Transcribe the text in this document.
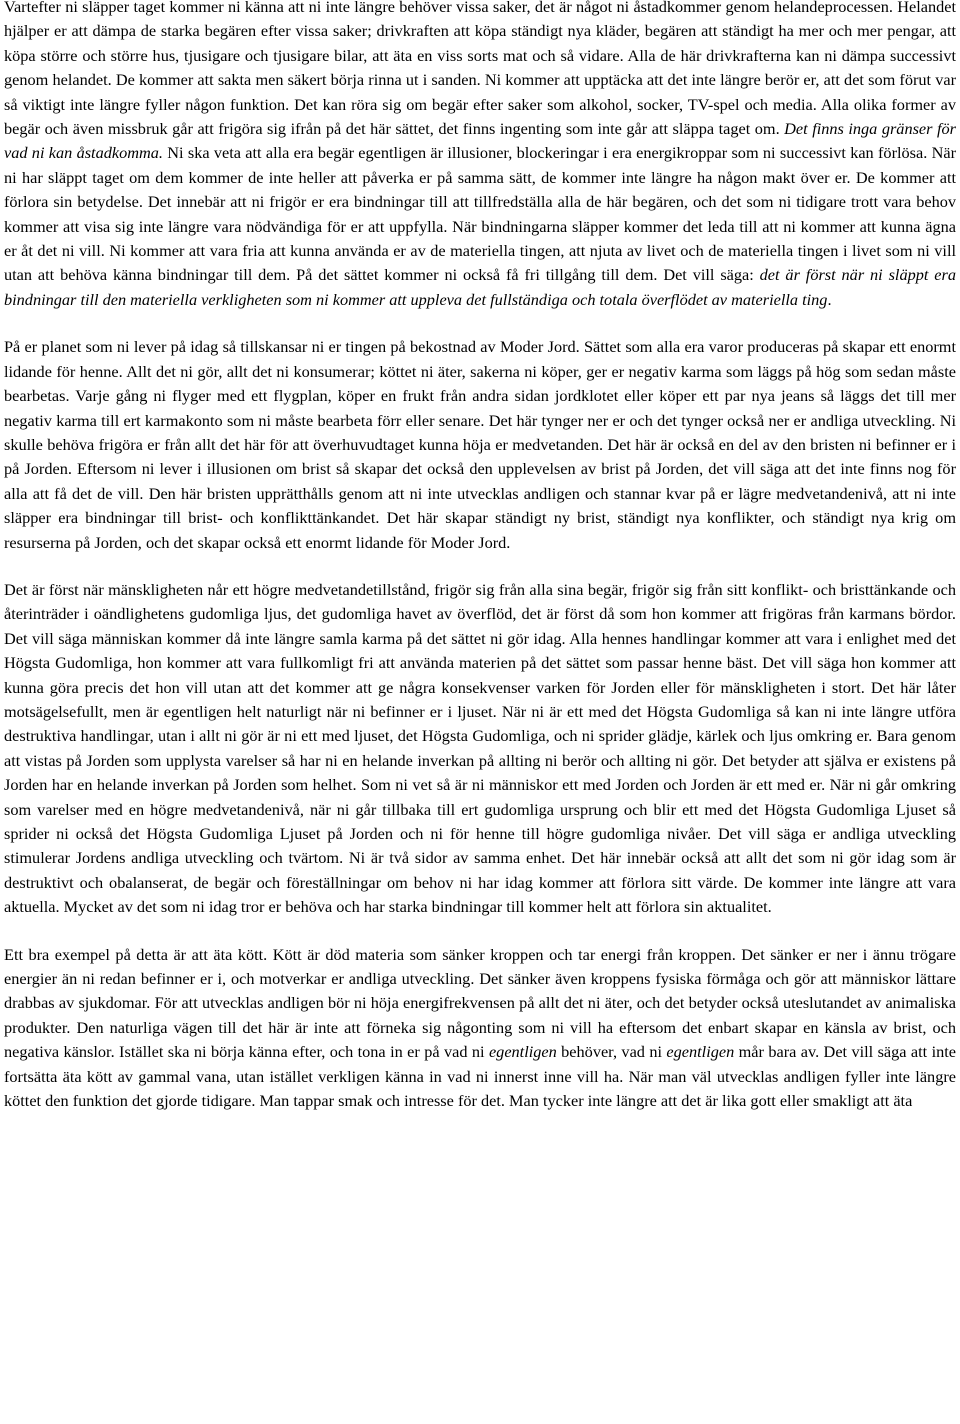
Vartefter ni släpper taget kommer ni känna att ni inte längre behöver vissa saker, det är något ni åstadkommer genom helandeprocessen. Helandet hjälper er att dämpa de starka begären efter vissa saker; drivkraften att köpa ständigt nya kläder, begären att ständigt ha mer och mer pengar, att köpa större och större hus, tjusigare och tjusigare bilar, att äta en viss sorts mat och så vidare. Alla de här drivkrafterna kan ni dämpa successivt genom helandet. De kommer att sakta men säkert börja rinna ut i sanden. Ni kommer att upptäcka att det inte längre berör er, att det som förut var så viktigt inte längre fyller någon funktion. Det kan röra sig om begär efter saker som alkohol, socker, TV-spel och media. Alla olika former av begär och även missbruk går att frigöra sig ifrån på det här sättet, det finns ingenting som inte går att släppa taget om. Det finns inga gränser för vad ni kan åstadkomma. Ni ska veta att alla era begär egentligen är illusioner, blockeringar i era energikroppar som ni successivt kan förlösa. När ni har släppt taget om dem kommer de inte heller att påverka er på samma sätt, de kommer inte längre ha någon makt över er. De kommer att förlora sin betydelse. Det innebär att ni frigör er era bindningar till att tillfredställa alla de här begären, och det som ni tidigare trott vara behov kommer att visa sig inte längre vara nödvändiga för er att uppfylla. När bindningarna släpper kommer det leda till att ni kommer att kunna ägna er åt det ni vill. Ni kommer att vara fria att kunna använda er av de materiella tingen, att njuta av livet och de materiella tingen i livet som ni vill utan att behöva känna bindningar till dem. På det sättet kommer ni också få fri tillgång till dem. Det vill säga: det är först när ni släppt era bindningar till den materiella verkligheten som ni kommer att uppleva det fullständiga och totala överflödet av materiella ting.

På er planet som ni lever på idag så tillskansar ni er tingen på bekostnad av Moder Jord. Sättet som alla era varor produceras på skapar ett enormt lidande för henne. Allt det ni gör, allt det ni konsumerar; köttet ni äter, sakerna ni köper, ger er negativ karma som läggs på hög som sedan måste bearbetas. Varje gång ni flyger med ett flygplan, köper en frukt från andra sidan jordklotet eller köper ett par nya jeans så läggs det till mer negativ karma till ert karmakonto som ni måste bearbeta förr eller senare. Det här tynger ner er och det tynger också ner er andliga utveckling. Ni skulle behöva frigöra er från allt det här för att överhuvudtaget kunna höja er medvetanden. Det här är också en del av den bristen ni befinner er i på Jorden. Eftersom ni lever i illusionen om brist så skapar det också den upplevelsen av brist på Jorden, det vill säga att det inte finns nog för alla att få det de vill. Den här bristen upprätthålls genom att ni inte utvecklas andligen och stannar kvar på er lägre medvetandenivå, att ni inte släpper era bindningar till brist- och konflikttänkandet. Det här skapar ständigt ny brist, ständigt nya konflikter, och ständigt nya krig om resurserna på Jorden, och det skapar också ett enormt lidande för Moder Jord.

Det är först när mänskligheten når ett högre medvetandetillstånd, frigör sig från alla sina begär, frigör sig från sitt konflikt- och bristtänkande och återinträder i oändlighetens gudomliga ljus, det gudomliga havet av överflöd, det är först då som hon kommer att frigöras från karmans bördor. Det vill säga människan kommer då inte längre samla karma på det sättet ni gör idag. Alla hennes handlingar kommer att vara i enlighet med det Högsta Gudomliga, hon kommer att vara fullkomligt fri att använda materien på det sättet som passar henne bäst. Det vill säga hon kommer att kunna göra precis det hon vill utan att det kommer att ge några konsekvenser varken för Jorden eller för mänskligheten i stort. Det här låter motsägelsefullt, men är egentligen helt naturligt när ni befinner er i ljuset. När ni är ett med det Högsta Gudomliga så kan ni inte längre utföra destruktiva handlingar, utan i allt ni gör är ni ett med ljuset, det Högsta Gudomliga, och ni sprider glädje, kärlek och ljus omkring er. Bara genom att vistas på Jorden som upplysta varelser så har ni en helande inverkan på allting ni berör och allting ni gör. Det betyder att själva er existens på Jorden har en helande inverkan på Jorden som helhet. Som ni vet så är ni människor ett med Jorden och Jorden är ett med er. När ni går omkring som varelser med en högre medvetandenivå, när ni går tillbaka till ert gudomliga ursprung och blir ett med det Högsta Gudomliga Ljuset så sprider ni också det Högsta Gudomliga Ljuset på Jorden och ni för henne till högre gudomliga nivåer. Det vill säga er andliga utveckling stimulerar Jordens andliga utveckling och tvärtom. Ni är två sidor av samma enhet. Det här innebär också att allt det som ni gör idag som är destruktivt och obalanserat, de begär och föreställningar om behov ni har idag kommer att förlora sitt värde. De kommer inte längre att vara aktuella. Mycket av det som ni idag tror er behöva och har starka bindningar till kommer helt att förlora sin aktualitet.

Ett bra exempel på detta är att äta kött. Kött är död materia som sänker kroppen och tar energi från kroppen. Det sänker er ner i ännu trögare energier än ni redan befinner er i, och motverkar er andliga utveckling. Det sänker även kroppens fysiska förmåga och gör att människor lättare drabbas av sjukdomar. För att utvecklas andligen bör ni höja energifrekvensen på allt det ni äter, och det betyder också uteslutandet av animaliska produkter. Den naturliga vägen till det här är inte att förneka sig någonting som ni vill ha eftersom det enbart skapar en känsla av brist, och negativa känslor. Istället ska ni börja känna efter, och tona in er på vad ni egentligen behöver, vad ni egentligen mår bara av. Det vill säga att inte fortsätta äta kött av gammal vana, utan istället verkligen känna in vad ni innerst inne vill ha. När man väl utvecklas andligen fyller inte längre köttet den funktion det gjorde tidigare. Man tappar smak och intresse för det. Man tycker inte längre att det är lika gott eller smakligt att äta
